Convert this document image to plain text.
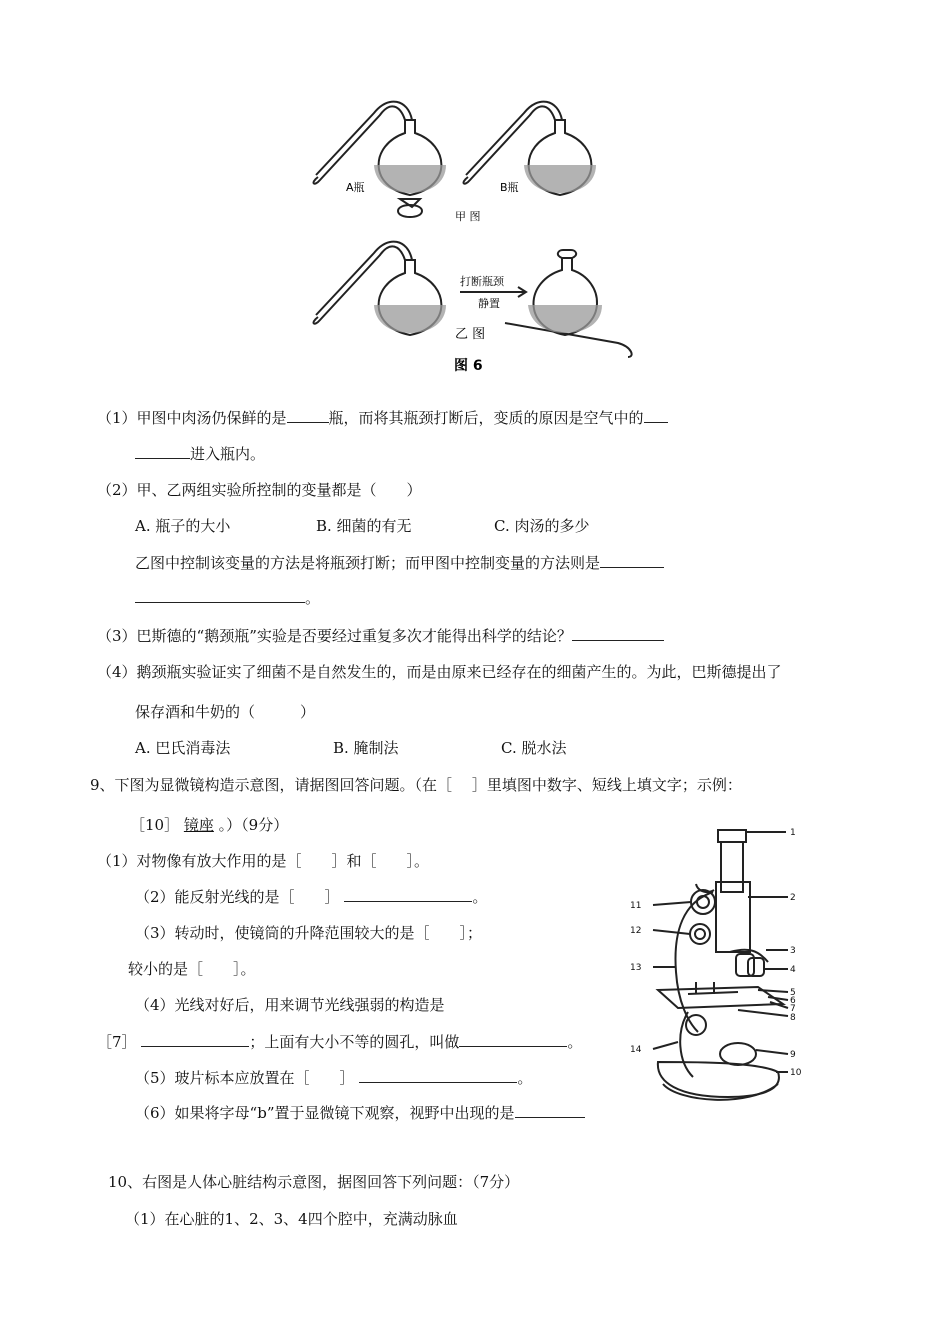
A瓶	B瓶
甲 图
打断瓶颈
静置
乙 图
图 6
（1）甲图中肉汤仍保鲜的是	瓶，而将其瓶颈打断后，变质的原因是空气中的
进入瓶内。
（2）甲、乙两组实验所控制的变量都是（　　）
A. 瓶子的大小	B. 细菌的有无	C. 肉汤的多少
乙图中控制该变量的方法是将瓶颈打断；而甲图中控制变量的方法则是
。
（3）巴斯德的“鹅颈瓶”实验是否要经过重复多次才能得出科学的结论？
（4）鹅颈瓶实验证实了细菌不是自然发生的，而是由原来已经存在的细菌产生的。为此，巴斯德提出了
保存酒和牛奶的（　　　）
A. 巴氏消毒法	B. 腌制法	C. 脱水法
9、下图为显微镜构造示意图，请据图回答问题。（在［　 ］里填图中数字、短线上填文字；示例：
［10］ 镜座 。）（9分）
（1）对物像有放大作用的是［　　］和［　　］。
（2）能反射光线的是［　　］	。
（3）转动时，使镜筒的升降范围较大的是［　　］；
较小的是［　　］。
（4）光线对好后，用来调节光线强弱的构造是
［7］	；上面有大小不等的圆孔，叫做	。
（5）玻片标本应放置在［　　］	。
（6）如果将字母“b”置于显微镜下观察，视野中出现的是
1
2
3
4
5
6
7
8
9
10
11
12
13
14
10、右图是人体心脏结构示意图，据图回答下列问题：（7分）
（1）在心脏的1、2、3、4四个腔中，充满动脉血
